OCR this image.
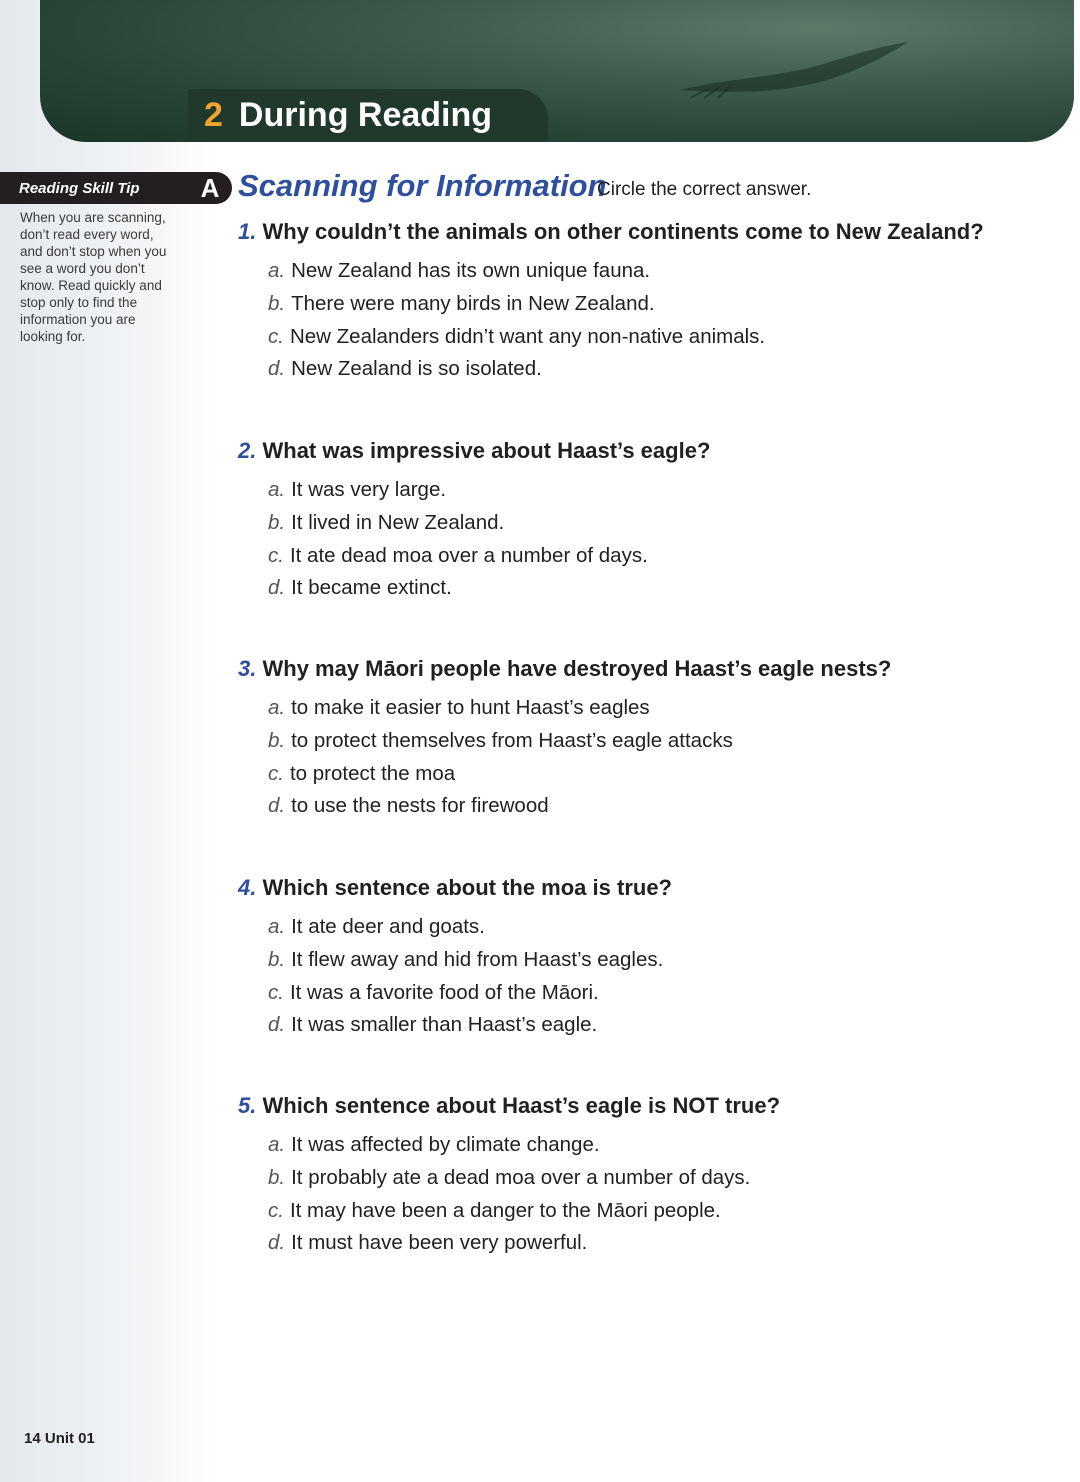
2 During Reading
Reading Skill Tip
When you are scanning,
don’t read every word,
and don’t stop when you
see a word you don’t
know. Read quickly and
stop only to find the
information you are
looking for.
A Scanning for Information
Circle the correct answer.
1. Why couldn’t the animals on other continents come to New Zealand?
a. New Zealand has its own unique fauna.
b. There were many birds in New Zealand.
c. New Zealanders didn’t want any non-native animals.
d. New Zealand is so isolated.
2. What was impressive about Haast’s eagle?
a. It was very large.
b. It lived in New Zealand.
c. It ate dead moa over a number of days.
d. It became extinct.
3. Why may Māori people have destroyed Haast’s eagle nests?
a. to make it easier to hunt Haast’s eagles
b. to protect themselves from Haast’s eagle attacks
c. to protect the moa
d. to use the nests for firewood
4. Which sentence about the moa is true?
a. It ate deer and goats.
b. It flew away and hid from Haast’s eagles.
c. It was a favorite food of the Māori.
d. It was smaller than Haast’s eagle.
5. Which sentence about Haast’s eagle is NOT true?
a. It was affected by climate change.
b. It probably ate a dead moa over a number of days.
c. It may have been a danger to the Māori people.
d. It must have been very powerful.
14 Unit 01
